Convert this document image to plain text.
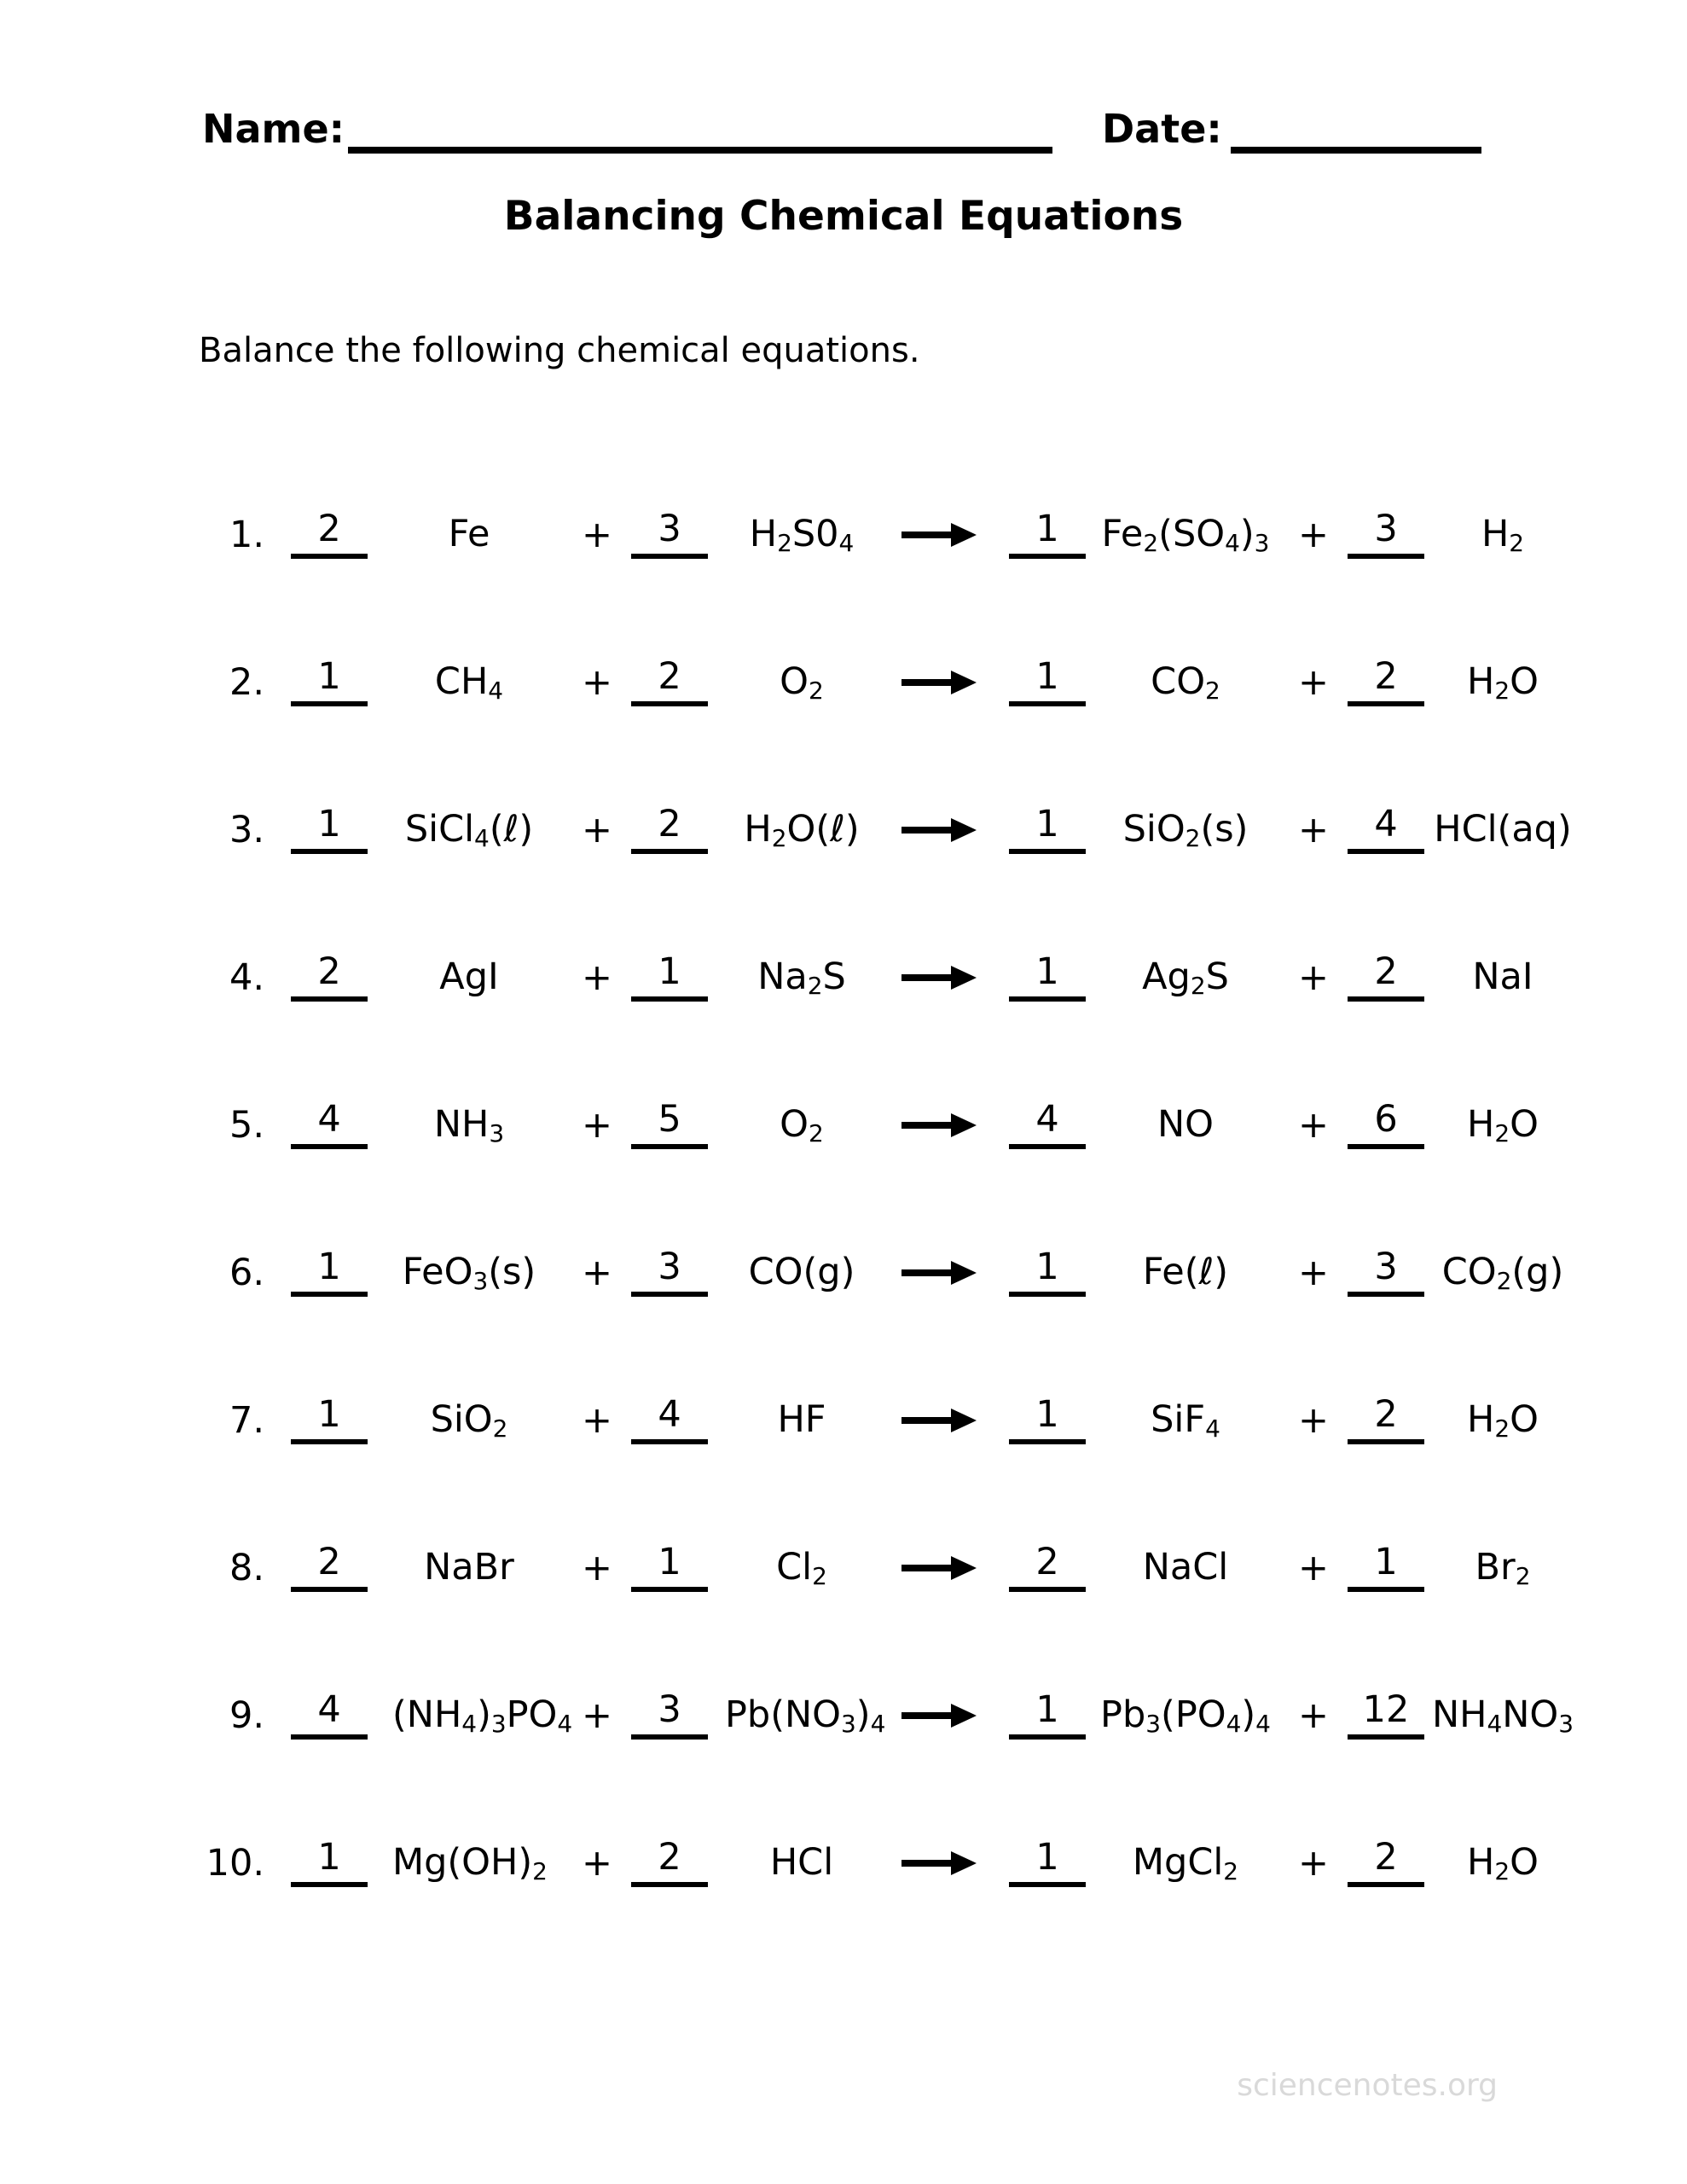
Name:	Date:
Balancing Chemical Equations
Balance the following chemical equations.
1.	2	Fe	+	3	$H_2S0_4$	1	$Fe_2(SO_4)_3$ +	3	$H_2$
2.	1	$CH_4$	+	2	$O_2$	1	$CO_2$	+	2	$H_2O$
3.	1	SiCl$_4$(ℓ)	+	2	$H_2O(\ell)$	1	SiO$_2$(s)	+	4 HCl(aq)
4.	2	AgI	+	1	$Na_2S$	1	$Ag_2S$	+	2	NaI
5.	4	$NH_3$	+	5	$O_2$	4	NO	+	6	$H_2O$
6.	1	FeO$_3$(s) +	3	CO(g)	1	Fe(ℓ)	+	3	$CO_2(g)$
7.	1	SiO$_2$	+	4	HF	1	SiF$_4$	+	2	$H_2O$
8.	2	NaBr	+	1	$Cl_2$	2	NaCl	+	1	$Br_2$
9.	4	$(NH_4)_3PO_4$ +	3	$Pb(NO_3)_4$	1	$Pb_3(PO_4)_4 + 12$ $NH_4NO_3$
10.	1	$Mg(OH)_2$ +	2	HCl	1	MgCl$_2$	+	2	$H_2O$
sciencenotes.org
